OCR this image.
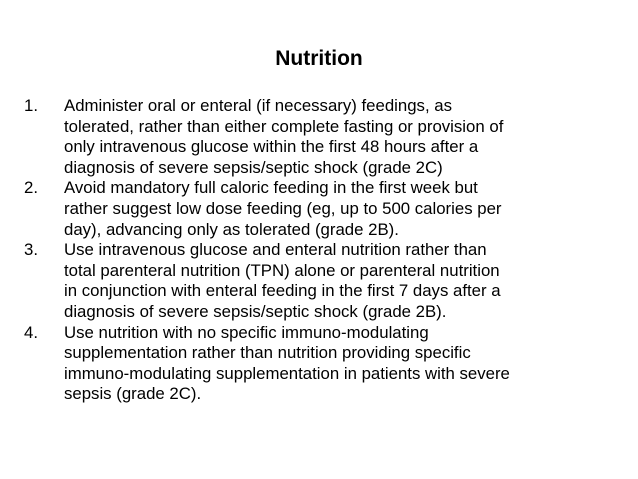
Nutrition
1.	Administer oral or enteral (if necessary) feedings, as
tolerated, rather than either complete fasting or provision of
only intravenous glucose within the first 48 hours after a
diagnosis of severe sepsis/septic shock (grade 2C)
2.	Avoid mandatory full caloric feeding in the first week but
rather suggest low dose feeding (eg, up to 500 calories per
day), advancing only as tolerated (grade 2B).
3.	Use intravenous glucose and enteral nutrition rather than
total parenteral nutrition (TPN) alone or parenteral nutrition
in conjunction with enteral feeding in the first 7 days after a
diagnosis of severe sepsis/septic shock (grade 2B).
4.	Use nutrition with no specific immuno-modulating
supplementation rather than nutrition providing specific
immuno-modulating supplementation in patients with severe
sepsis (grade 2C).
